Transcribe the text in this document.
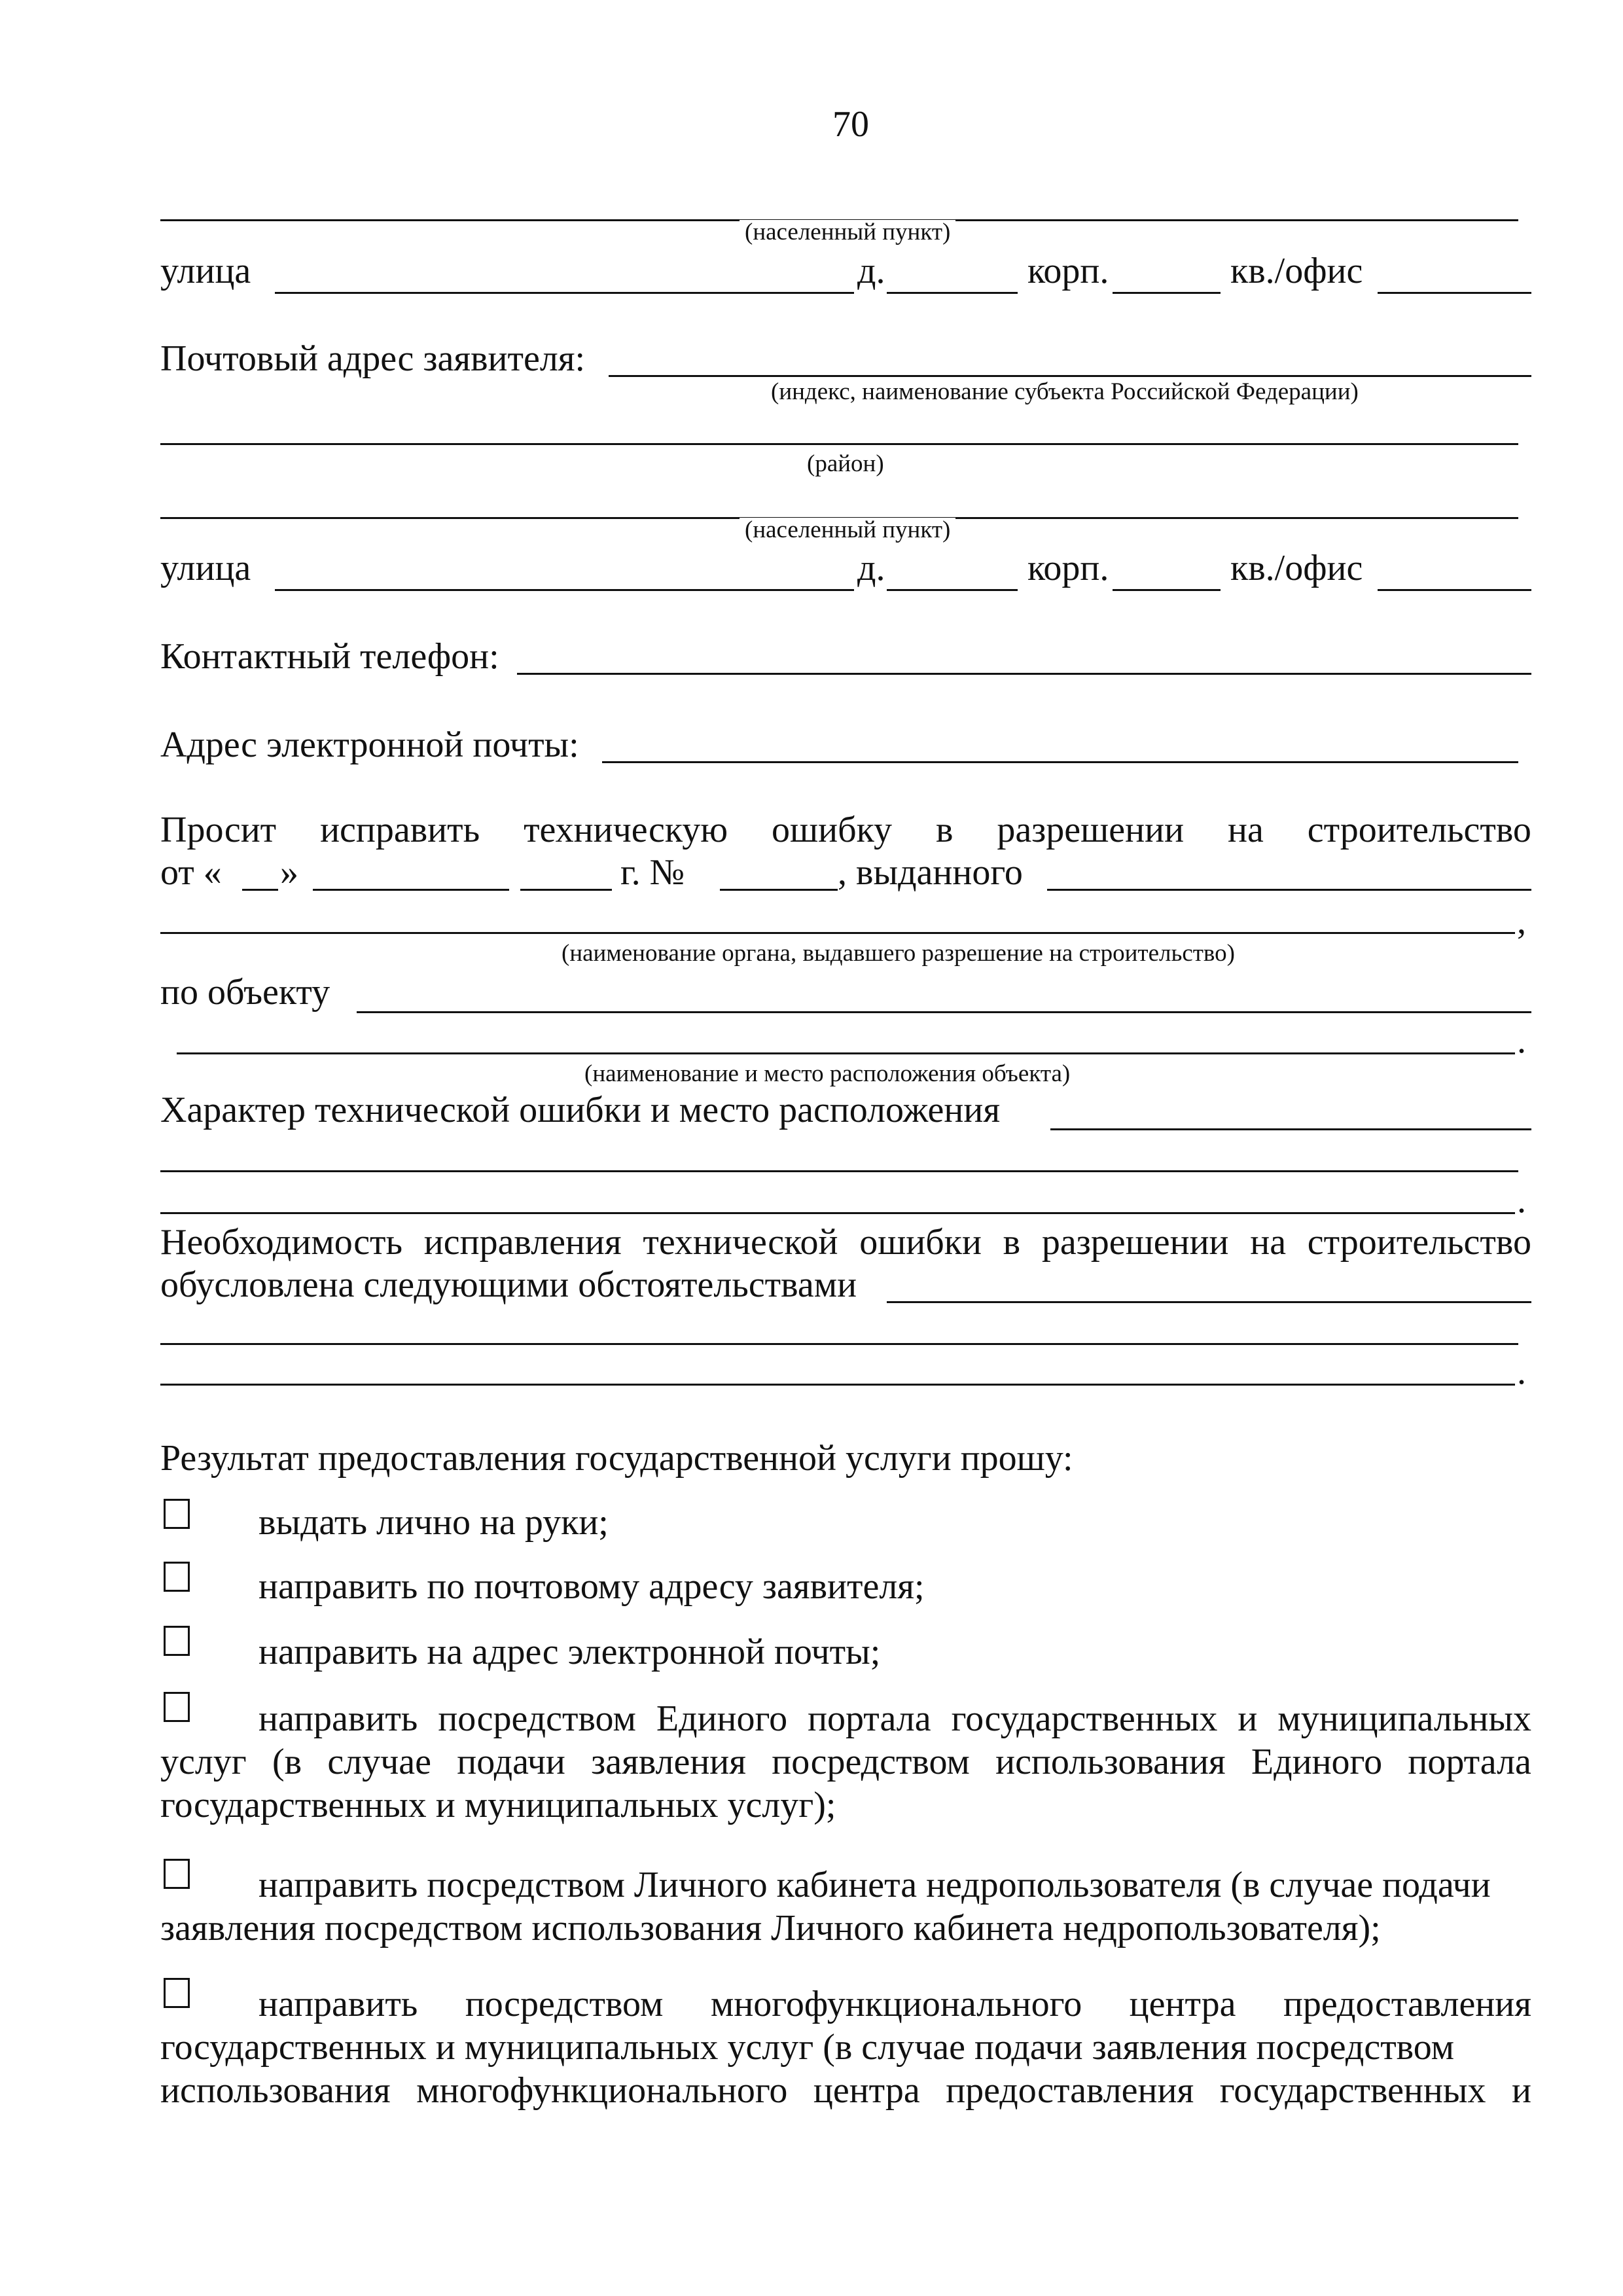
70
(населенный пункт)
улица	д.	корп.	кв./офис
Почтовый адрес заявителя:
(индекс, наименование субъекта Российской Федерации)
(район)
(населенный пункт)
улица	д.	корп.	кв./офис
Контактный телефон:
Адрес электронной почты:
Просит исправить техническую ошибку в разрешении на строительство
от « »	г. №	, выданного
,
(наименование органа, выдавшего разрешение на строительство)
по объекту
.
(наименование и место расположения объекта)
Характер технической ошибки и место расположения
.
Необходимость исправления технической ошибки в разрешении на строительство
обусловлена следующими обстоятельствами
.
Результат предоставления государственной услуги прошу:
выдать лично на руки;
направить по почтовому адресу заявителя;
направить на адрес электронной почты;
направить посредством Единого портала государственных и муниципальных
услуг (в случае подачи заявления посредством использования Единого портала
государственных и муниципальных услуг);
направить посредством Личного кабинета недропользователя (в случае подачи
заявления посредством использования Личного кабинета недропользователя);
направить посредством многофункционального центра предоставления
государственных и муниципальных услуг (в случае подачи заявления посредством
использования многофункционального центра предоставления государственных и
